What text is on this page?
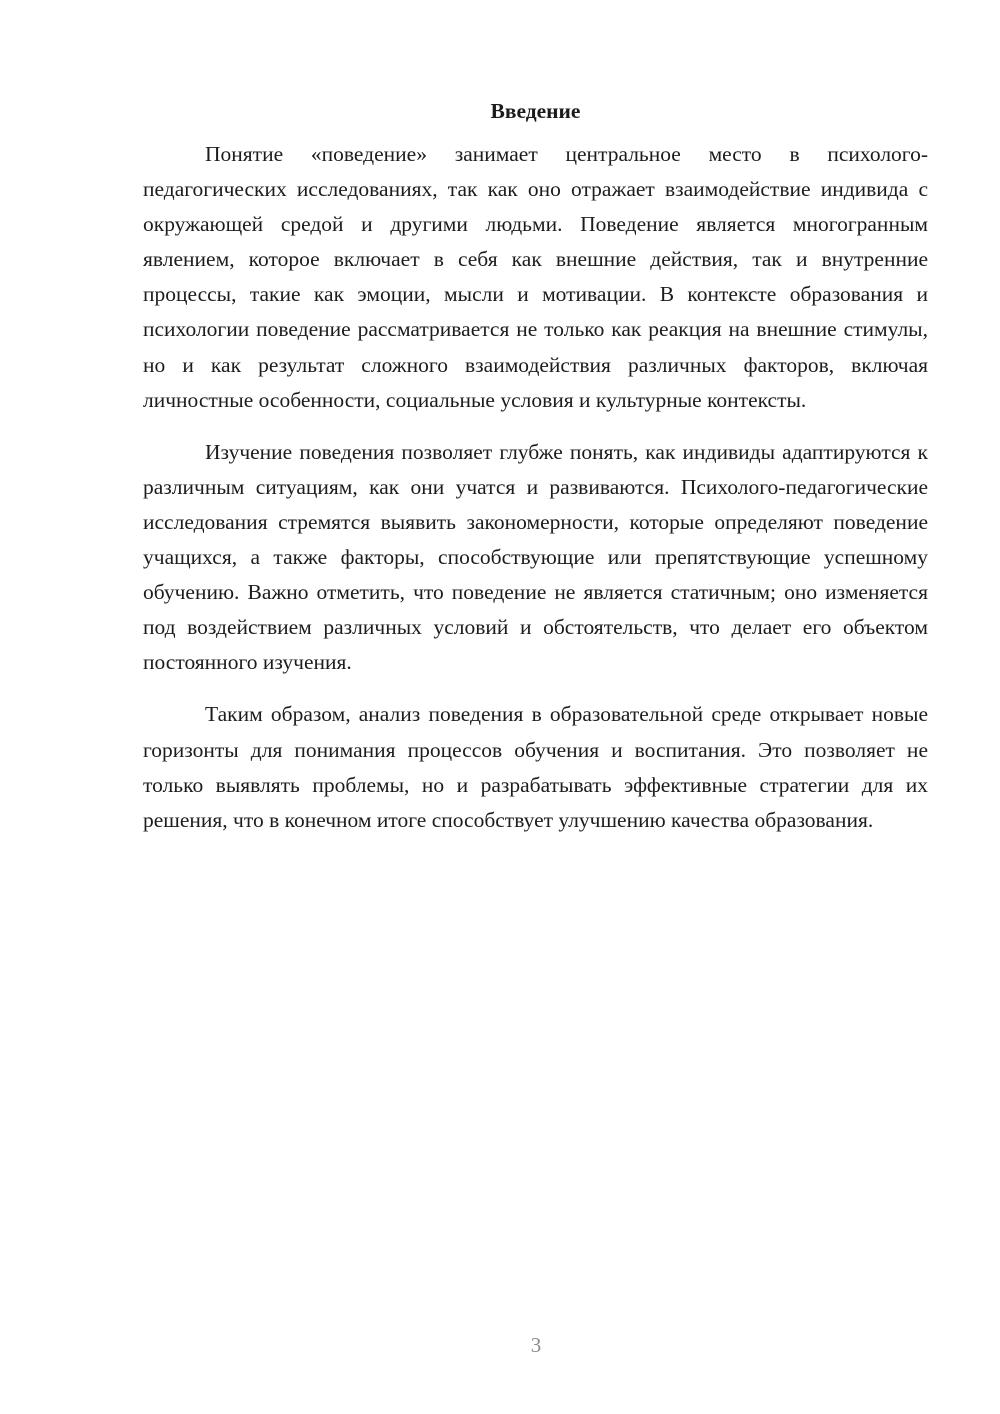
Введение

Понятие «поведение» занимает центральное место в психолого-педагогических исследованиях, так как оно отражает взаимодействие индивида с окружающей средой и другими людьми. Поведение является многогранным явлением, которое включает в себя как внешние действия, так и внутренние процессы, такие как эмоции, мысли и мотивации. В контексте образования и психологии поведение рассматривается не только как реакция на внешние стимулы, но и как результат сложного взаимодействия различных факторов, включая личностные особенности, социальные условия и культурные контексты.

Изучение поведения позволяет глубже понять, как индивиды адаптируются к различным ситуациям, как они учатся и развиваются. Психолого-педагогические исследования стремятся выявить закономерности, которые определяют поведение учащихся, а также факторы, способствующие или препятствующие успешному обучению. Важно отметить, что поведение не является статичным; оно изменяется под воздействием различных условий и обстоятельств, что делает его объектом постоянного изучения.

Таким образом, анализ поведения в образовательной среде открывает новые горизонты для понимания процессов обучения и воспитания. Это позволяет не только выявлять проблемы, но и разрабатывать эффективные стратегии для их решения, что в конечном итоге способствует улучшению качества образования.

3
